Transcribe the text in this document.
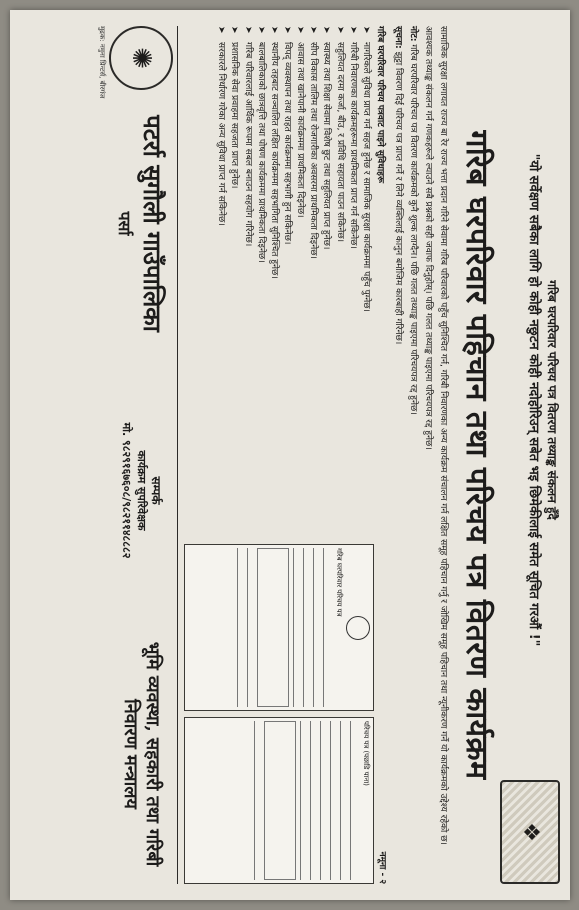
गरिब घरपरिवार परिचय पत्र वितरण तथ्याङ्क संकलन हुँदै
"यो सर्वेक्षण सबैका लागि हो कोही नछुटन कोही नदोहोरिउन् सबेत भइ छिमेकीलाई समेत सूचित गरऔं !"
❖
गरिब घरपरिवार पहिचान तथा परिचय पत्र वितरण कार्यक्रम

सामाजिक सुरक्षा लगायत राज्य बा रेर राज्य भत्ता प्रदान गरिने सेवामा गरिब परिवारको पहुँच सुनिश्चित गर्न, गरिबी निवारणका अन्य कार्यक्रम संचालन गर्न लक्षित समूह पहिचान गर्नु र जोखिम समूह पहिचान तथा न्यूनीकरण गर्ने यो कार्यक्रमको उद्देश्य रहेको छ।

आवश्यक तथ्याङ्क संकलन गर्न गणकहरूले ल्याउने सबै प्रश्नको सही जवाफ दिनुहोस्। पछि गलत तथ्याङ्क पाइएमा परिचयपत्र रद्द हुनेछ।

नोट: गरिब घरपरिवार परिचय पत्र वितरण कार्यक्रमको कुनै शुल्क लाग्दैन। पछि गलत तथ्याङ्क पाइएमा परिचयपत्र रद्द हुनेछ।

सूचना: झुट्टा विवरण दिई परिचय पत्र प्राप्त गर्ने र लिने व्यक्तिलाई कानुन बमोजिम कारबाही गरिनेछ।

गरिब घरपरिवार परिचय पत्रवाट पाइने सुविधाहरू
➤
नागरिकले सुविधा प्राप्त गर्न सहज हुनेछ र सामाजिक सुरक्षा कार्यक्रममा पहुँच पुग्नेछ।
➤
गरिबी निवारणका कार्यक्रमहरूमा प्राथमिकता प्राप्त गर्न सकिनेछ।
➤
सहुलियत दरमा कर्जा, बीउ, र प्रविधि सहायता पाउन सकिनेछ।
➤
स्वास्थ्य तथा शिक्षा सेवामा विशेष छुट तथा सहुलियत प्राप्त हुनेछ।
➤
सीप विकास तालिम तथा रोजगारीका अवसरमा प्राथमिकता दिइनेछ।
➤
आवास तथा खानेपानी कार्यक्रममा प्राथमिकता दिइनेछ।
➤
विपद् व्यवस्थापन तथा राहत कार्यक्रममा सहभागी हुन सकिनेछ।
➤
स्थानीय तहबाट सञ्चालित लक्षित कार्यक्रममा सहभागिता सुनिश्चित हुनेछ।
➤
बालबालिकाको छात्रवृत्ति तथा पोषण कार्यक्रममा प्राथमिकता दिइनेछ।
➤
गरिब परिवारलाई आर्थिक रूपमा सबल बनाउन सहयोग गरिनेछ।
➤
प्रशासनिक सेवा प्रवाहमा सहजता प्राप्त हुनेछ।
➤
सरकारले निर्धारण गरेका अन्य सुविधा प्राप्त गर्न सकिनेछ।
नमूना - २
गरिब घरपरिवार परिचय पत्र
परिचय पत्र (पछाडि पाना)
✺
पटर्रा सुगौली गाउँपालिका
पर्सा
सम्पर्क
कार्यक्रम सुपरिवेक्षक
मो. ९८२९१६७६०८/९८२११४८८८२
भूमि व्यवस्था, सहकारी तथा गरिबी निवारण मन्त्रालय
मुद्रक: नमुना प्रिन्टर्स, बीरगंज
